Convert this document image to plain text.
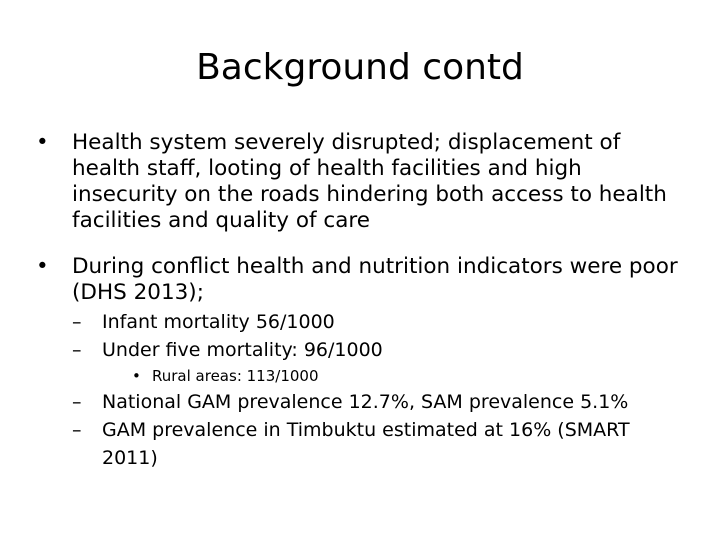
Background contd
•	Health system severely disrupted; displacement of health staff, looting of health facilities and high insecurity on the roads hindering both access to health facilities and quality of care
•	During conflict health and nutrition indicators were poor (DHS 2013);
–	Infant mortality 56/1000
–	Under five mortality: 96/1000
• Rural areas: 113/1000
–	National GAM prevalence 12.7%, SAM prevalence 5.1%
–	GAM prevalence in Timbuktu estimated at 16% (SMART 2011)
